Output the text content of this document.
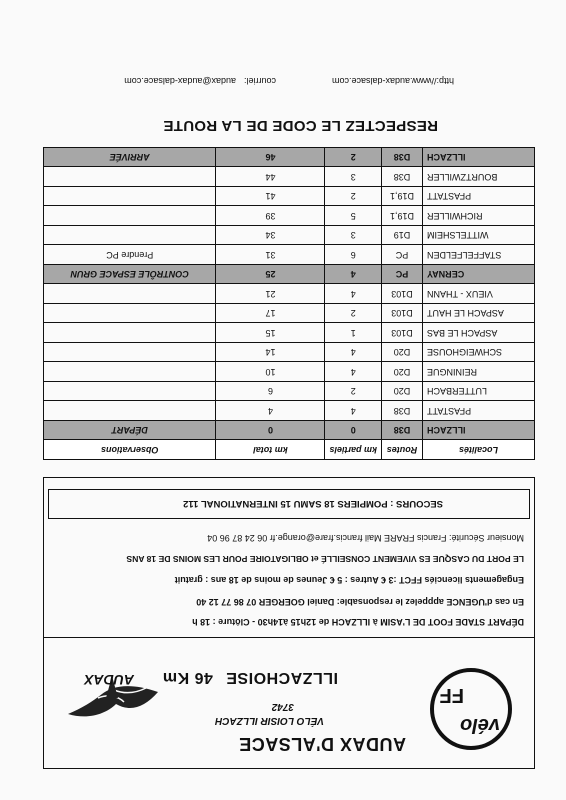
vélo
FF
AUDAX D'ALSACE
VÉLO LOISIR ILLZACH
3742
ILLZACHOISE 46 Km
AUDAX
DÉPART STADE FOOT DE L'ASIM à ILLZACH de 12h15 à14h30 - Clôture : 18 h
En cas d'UGENCE apppelez le responsable: Daniel GOERGER 07 86 77 12 40
Engagements licenciés FFCT :3 € Autres : 5 € Jeunes de moins de 18 ans : gratuit
LE PORT DU CASQUE ES VIVEMENT CONSEILLÉ et OBLIGATOIRE POUR LES MOINS DE 18 ANS
Monsieur Sécurité: Francis FRARE Mail francis.frare@orange.fr 06 24 87 96 04
SECOURS : POMPIERS 18 SAMU 15 INTERNATIONAL 112
Localités	Routes	km partiels	km total	Observations
ILLZACH	D38	0	0	DÉPART
PFASTATT	D38	4	4	
LUTTERBACH	D20	2	6	
REININGUE	D20	4	10	
SCHWEIGHOUSE	D20	4	14	
ASPACH LE BAS	D103	1	15	
ASPACH LE HAUT	D103	2	17	
VIEUX - THANN	D103	4	21	
CERNAY	PC	4	25	CONTRÔLE ESPACE GRUN
STAFFELFELDEN	PC	6	31	Prendre PC
WITTELSHEIM	D19	3	34	
RICHWILLER	D19,1	5	39	
PFASTATT	D19,1	2	41	
BOURTZWILLER	D38	3	44	
ILLZACH	D38	2	46	ARRIVÉE
RESPECTEZ LE CODE DE LA ROUTE
http://www.audax-dalsace.com
courriel:
audax@audax-dalsace.com
